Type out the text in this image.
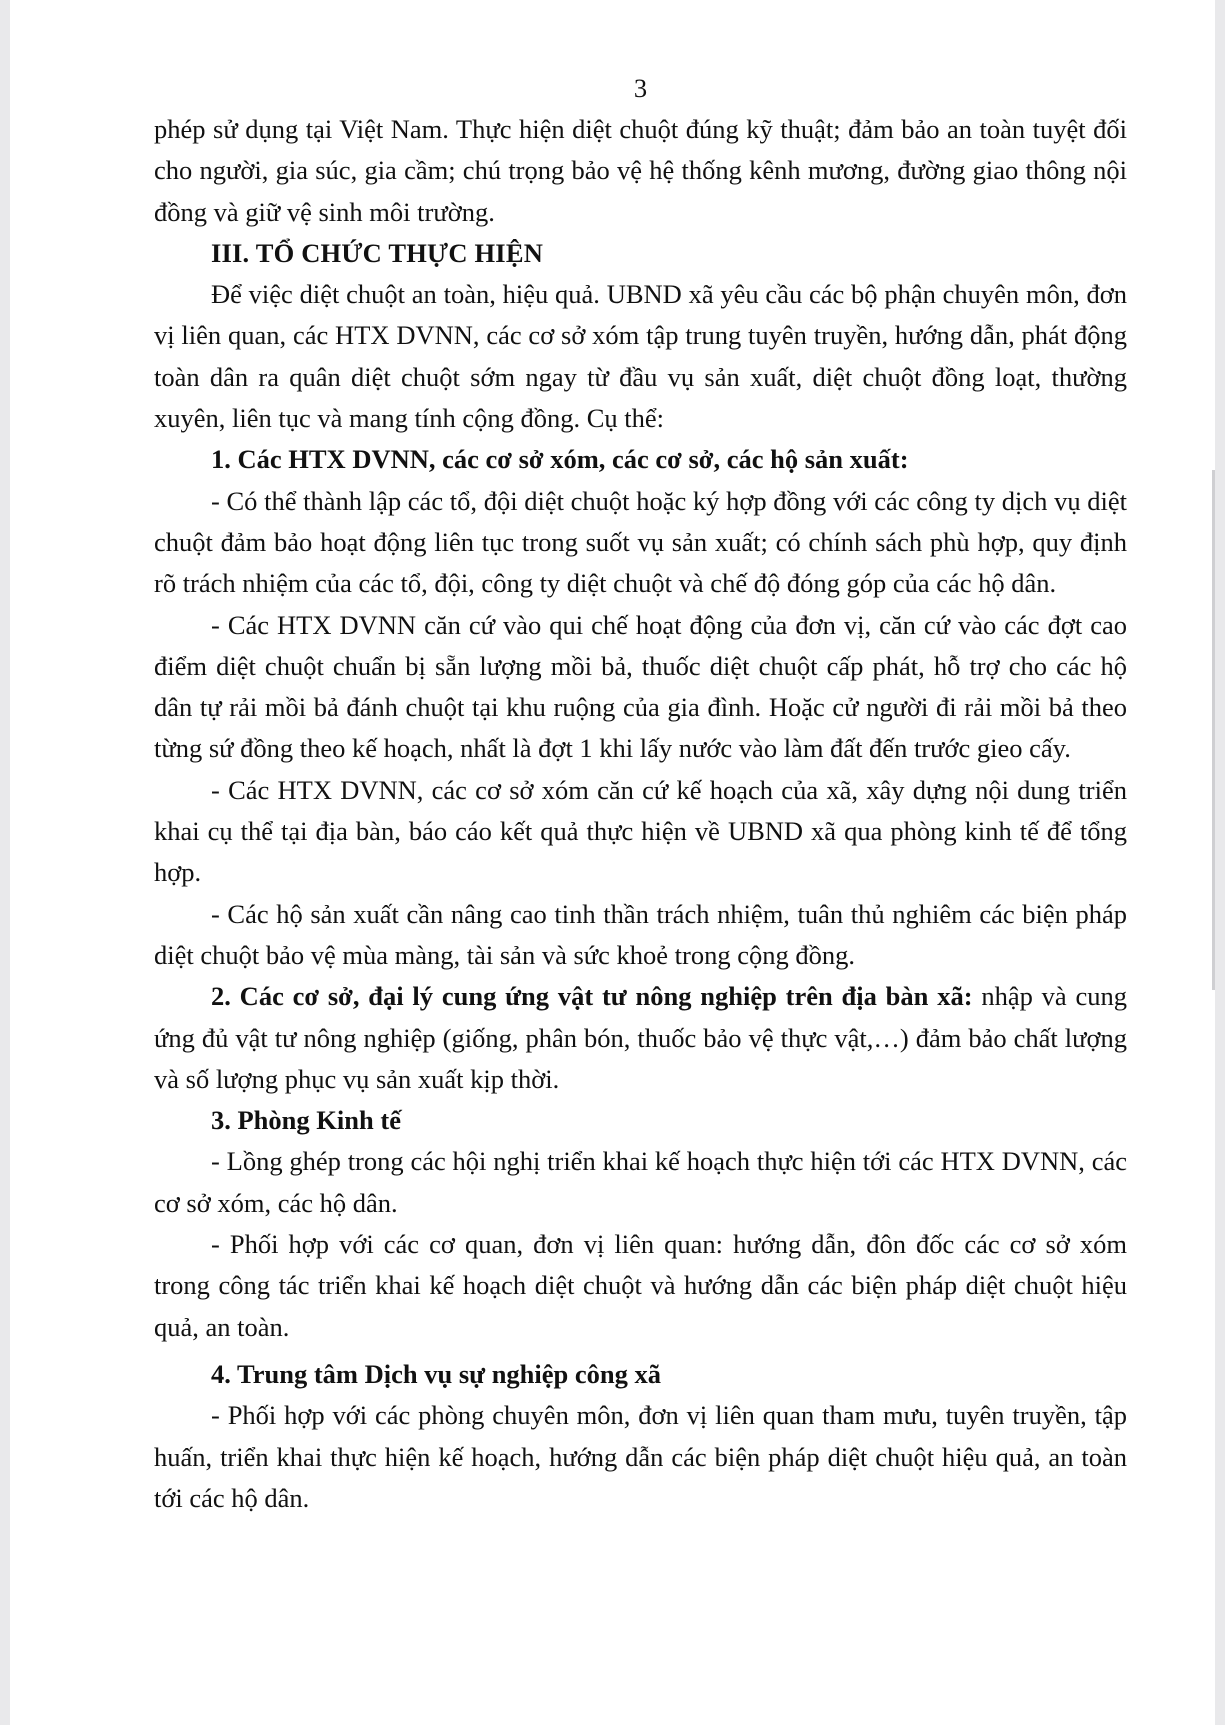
3

phép sử dụng tại Việt Nam. Thực hiện diệt chuột đúng kỹ thuật; đảm bảo an toàn tuyệt đối cho người, gia súc, gia cầm; chú trọng bảo vệ hệ thống kênh mương, đường giao thông nội đồng và giữ vệ sinh môi trường.

III. TỔ CHỨC THỰC HIỆN

Để việc diệt chuột an toàn, hiệu quả. UBND xã yêu cầu các bộ phận chuyên môn, đơn vị liên quan, các HTX DVNN, các cơ sở xóm tập trung tuyên truyền, hướng dẫn, phát động toàn dân ra quân diệt chuột sớm ngay từ đầu vụ sản xuất, diệt chuột đồng loạt, thường xuyên, liên tục và mang tính cộng đồng. Cụ thể:

1. Các HTX DVNN, các cơ sở xóm, các cơ sở, các hộ sản xuất:

- Có thể thành lập các tổ, đội diệt chuột hoặc ký hợp đồng với các công ty dịch vụ diệt chuột đảm bảo hoạt động liên tục trong suốt vụ sản xuất; có chính sách phù hợp, quy định rõ trách nhiệm của các tổ, đội, công ty diệt chuột và chế độ đóng góp của các hộ dân.

- Các HTX DVNN căn cứ vào qui chế hoạt động của đơn vị, căn cứ vào các đợt cao điểm diệt chuột chuẩn bị sẵn lượng mồi bả, thuốc diệt chuột cấp phát, hỗ trợ cho các hộ dân tự rải mồi bả đánh chuột tại khu ruộng của gia đình. Hoặc cử người đi rải mồi bả theo từng sứ đồng theo kế hoạch, nhất là đợt 1 khi lấy nước vào làm đất đến trước gieo cấy.

- Các HTX DVNN, các cơ sở xóm căn cứ kế hoạch của xã, xây dựng nội dung triển khai cụ thể tại địa bàn, báo cáo kết quả thực hiện về UBND xã qua phòng kinh tế để tổng hợp.

- Các hộ sản xuất cần nâng cao tinh thần trách nhiệm, tuân thủ nghiêm các biện pháp diệt chuột bảo vệ mùa màng, tài sản và sức khoẻ trong cộng đồng.

2. Các cơ sở, đại lý cung ứng vật tư nông nghiệp trên địa bàn xã: nhập và cung ứng đủ vật tư nông nghiệp (giống, phân bón, thuốc bảo vệ thực vật,…) đảm bảo chất lượng và số lượng phục vụ sản xuất kịp thời.

3. Phòng Kinh tế

- Lồng ghép trong các hội nghị triển khai kế hoạch thực hiện tới các HTX DVNN, các cơ sở xóm, các hộ dân.

- Phối hợp với các cơ quan, đơn vị liên quan: hướng dẫn, đôn đốc các cơ sở xóm trong công tác triển khai kế hoạch diệt chuột và hướng dẫn các biện pháp diệt chuột hiệu quả, an toàn.

4. Trung tâm Dịch vụ sự nghiệp công xã

- Phối hợp với các phòng chuyên môn, đơn vị liên quan tham mưu, tuyên truyền, tập huấn, triển khai thực hiện kế hoạch, hướng dẫn các biện pháp diệt chuột hiệu quả, an toàn tới các hộ dân.
